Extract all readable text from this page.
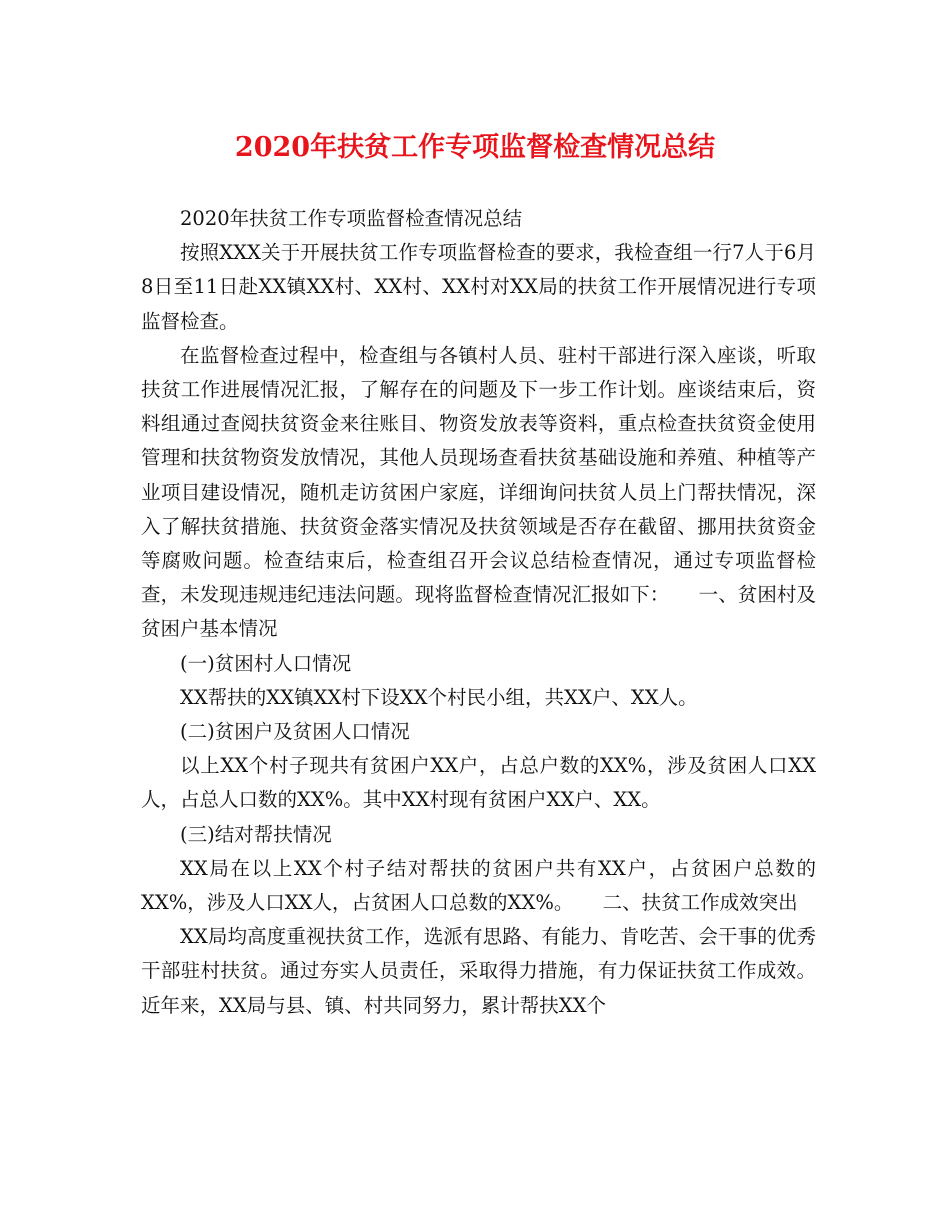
2020年扶贫工作专项监督检查情况总结

2020年扶贫工作专项监督检查情况总结

按照XXX关于开展扶贫工作专项监督检查的要求，我检查组一行7人于6月8日至11日赴XX镇XX村、XX村、XX村对XX局的扶贫工作开展情况进行专项监督检查。

在监督检查过程中，检查组与各镇村人员、驻村干部进行深入座谈，听取扶贫工作进展情况汇报，了解存在的问题及下一步工作计划。座谈结束后，资料组通过查阅扶贫资金来往账目、物资发放表等资料，重点检查扶贫资金使用管理和扶贫物资发放情况，其他人员现场查看扶贫基础设施和养殖、种植等产业项目建设情况，随机走访贫困户家庭，详细询问扶贫人员上门帮扶情况，深入了解扶贫措施、扶贫资金落实情况及扶贫领域是否存在截留、挪用扶贫资金等腐败问题。检查结束后，检查组召开会议总结检查情况，通过专项监督检查，未发现违规违纪违法问题。现将监督检查情况汇报如下：　　一、贫困村及贫困户基本情况

(一)贫困村人口情况

XX帮扶的XX镇XX村下设XX个村民小组，共XX户、XX人。

(二)贫困户及贫困人口情况

以上XX个村子现共有贫困户XX户，占总户数的XX%，涉及贫困人口XX人，占总人口数的XX%。其中XX村现有贫困户XX户、XX。

(三)结对帮扶情况

XX局在以上XX个村子结对帮扶的贫困户共有XX户，占贫困户总数的XX%，涉及人口XX人，占贫困人口总数的XX%。　　二、扶贫工作成效突出

XX局均高度重视扶贫工作，选派有思路、有能力、肯吃苦、会干事的优秀干部驻村扶贫。通过夯实人员责任，采取得力措施，有力保证扶贫工作成效。近年来，XX局与县、镇、村共同努力，累计帮扶XX个
